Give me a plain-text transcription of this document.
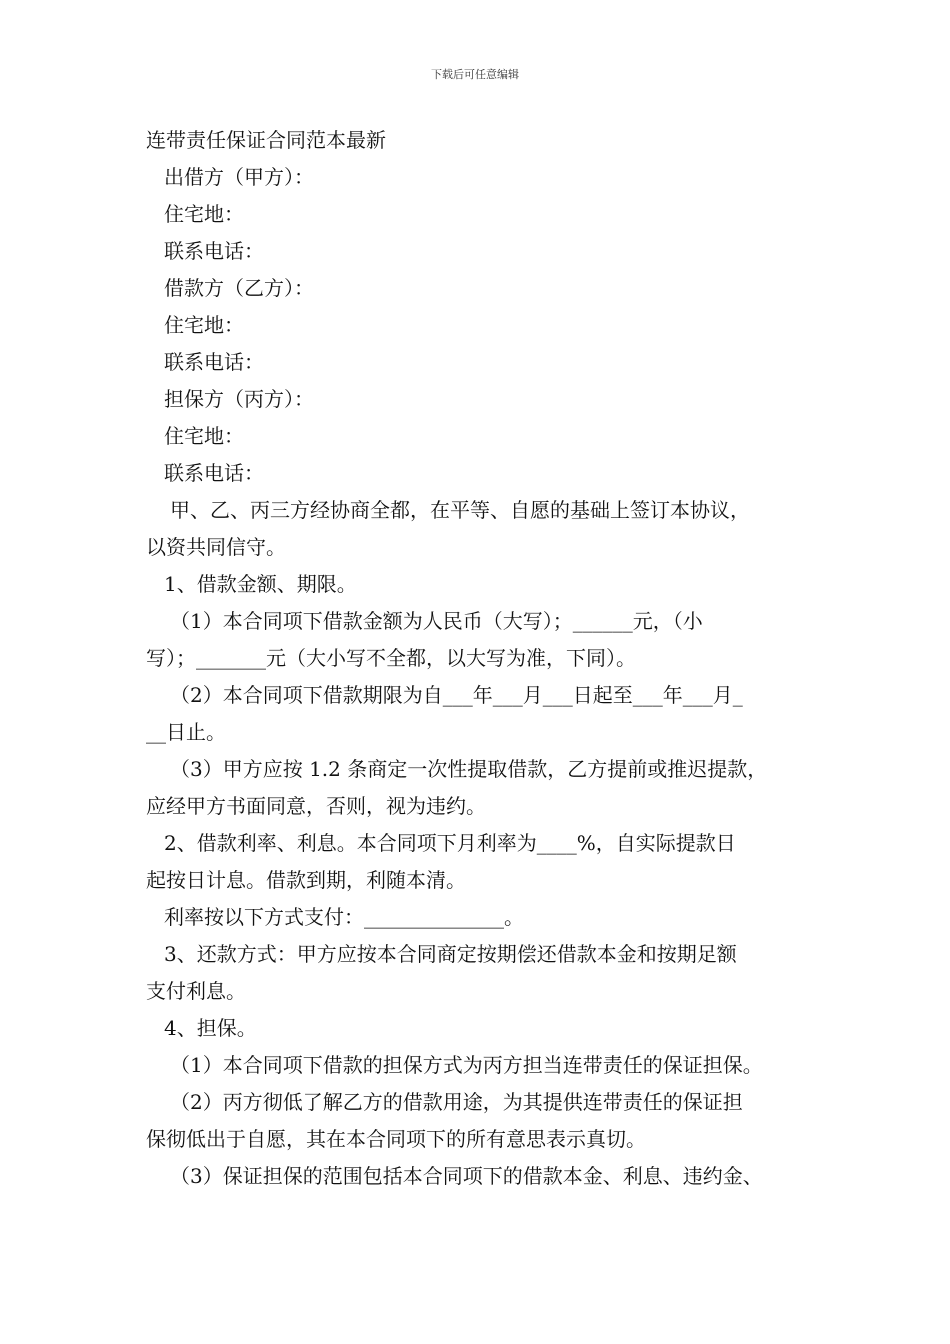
下载后可任意编辑
连带责任保证合同范本最新
出借方（甲方）：
住宅地：
联系电话：
借款方（乙方）：
住宅地：
联系电话：
担保方（丙方）：
住宅地：
联系电话：
甲、乙、丙三方经协商全都，在平等、自愿的基础上签订本协议，
以资共同信守。
1、借款金额、期限。
（1）本合同项下借款金额为人民币（大写）；______元，（小
写）；_______元（大小写不全都，以大写为准，下同）。
（2）本合同项下借款期限为自___年___月___日起至___年___月_
__日止。
（3）甲方应按 1.2 条商定一次性提取借款，乙方提前或推迟提款，
应经甲方书面同意，否则，视为违约。
2、借款利率、利息。本合同项下月利率为____%，自实际提款日
起按日计息。借款到期，利随本清。
利率按以下方式支付：______________。
3、还款方式：甲方应按本合同商定按期偿还借款本金和按期足额
支付利息。
4、担保。
（1）本合同项下借款的担保方式为丙方担当连带责任的保证担保。
（2）丙方彻低了解乙方的借款用途，为其提供连带责任的保证担
保彻低出于自愿，其在本合同项下的所有意思表示真切。
（3）保证担保的范围包括本合同项下的借款本金、利息、违约金、
